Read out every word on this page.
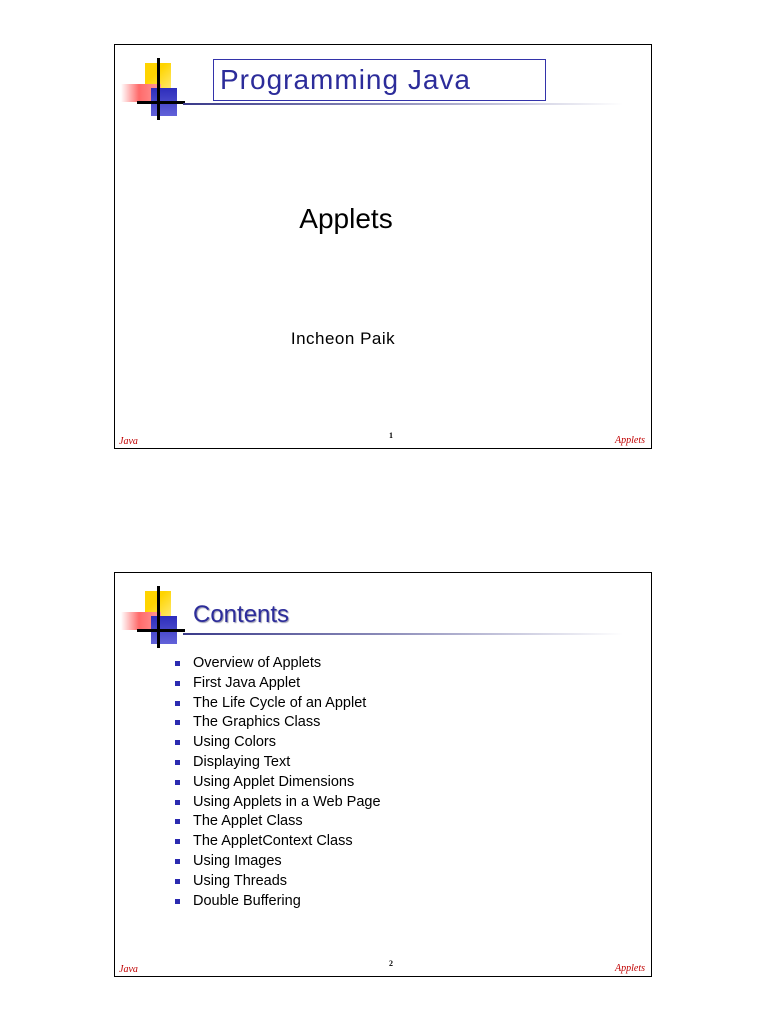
Programming Java
Applets
Incheon Paik
Java
1	Applets
Contents
Overview of Applets
First Java Applet
The Life Cycle of an Applet
The Graphics Class
Using Colors
Displaying Text
Using Applet Dimensions
Using Applets in a Web Page
The Applet Class
The AppletContext Class
Using Images
Using Threads
Double Buffering
Java
2	Applets
